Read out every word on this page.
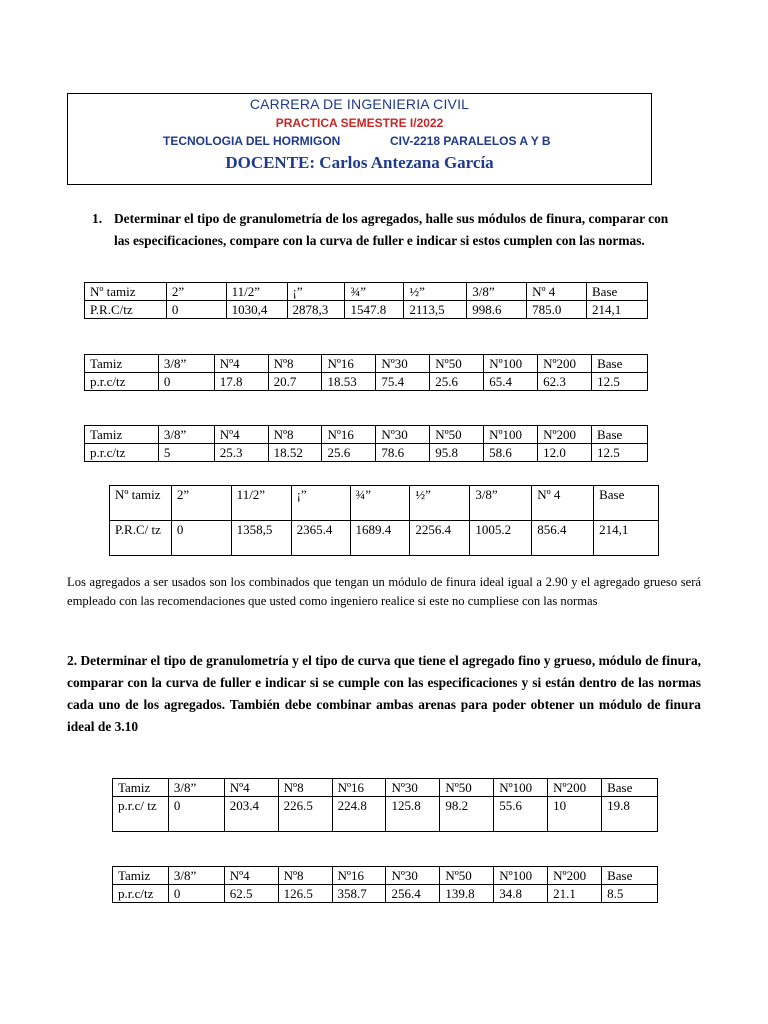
CARRERA DE INGENIERIA CIVIL
PRACTICA SEMESTRE I/2022
TECNOLOGIA DEL HORMIGON	CIV-2218 PARALELOS A Y B
DOCENTE: Carlos Antezana García
1. Determinar el tipo de granulometría de los agregados, halle sus módulos de finura, comparar con las especificaciones, compare con la curva de fuller e indicar si estos cumplen con las normas.
Nº tamiz	2”	11/2”	¡”	¾”	½”	3/8”	Nº 4	Base
P.R.C/tz	0	1030,4	2878,3	1547.8	2113,5	998.6	785.0	214,1
Tamiz	3/8”	Nº4	Nº8	Nº16	Nº30	Nº50	Nº100	Nº200	Base
p.r.c/tz	0	17.8	20.7	18.53	75.4	25.6	65.4	62.3	12.5
Tamiz	3/8”	Nº4	Nº8	Nº16	Nº30	Nº50	Nº100	Nº200	Base
p.r.c/tz	5	25.3	18.52	25.6	78.6	95.8	58.6	12.0	12.5
Nº tamiz	2”	11/2”	¡”	¾”	½”	3/8”	Nº 4	Base
P.R.C/ tz	0	1358,5	2365.4	1689.4	2256.4	1005.2	856.4	214,1
Los agregados a ser usados son los combinados que tengan un módulo de finura ideal igual a 2.90 y el agregado grueso será empleado con las recomendaciones que usted como ingeniero realice si este no cumpliese con las normas
2. Determinar el tipo de granulometría y el tipo de curva que tiene el agregado fino y grueso, módulo de finura, comparar con la curva de fuller e indicar si se cumple con las especificaciones y si están dentro de las normas cada uno de los agregados. También debe combinar ambas arenas para poder obtener un módulo de finura ideal de 3.10
Tamiz	3/8”	Nº4	Nº8	Nº16	Nº30	Nº50	Nº100	Nº200	Base
p.r.c/ tz	0	203.4	226.5	224.8	125.8	98.2	55.6	10	19.8
Tamiz	3/8”	Nº4	Nº8	Nº16	Nº30	Nº50	Nº100	Nº200	Base
p.r.c/tz	0	62.5	126.5	358.7	256.4	139.8	34.8	21.1	8.5
